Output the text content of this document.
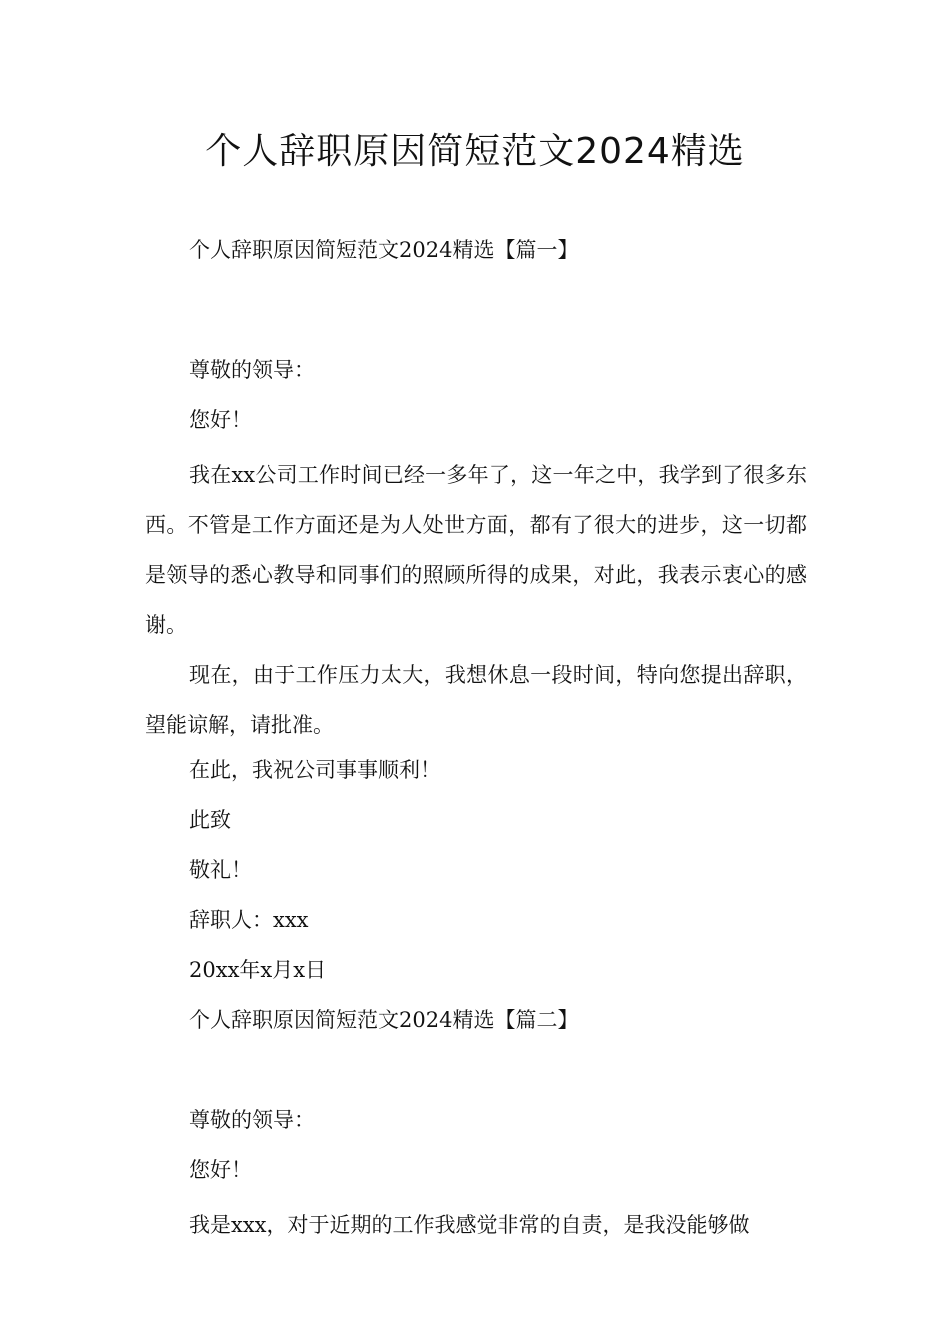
个人辞职原因简短范文2024精选
个人辞职原因简短范文2024精选【篇一】
尊敬的领导：
您好！

我在xx公司工作时间已经一多年了，这一年之中，我学到了很多东西。不管是工作方面还是为人处世方面，都有了很大的进步，这一切都是领导的悉心教导和同事们的照顾所得的成果，对此，我表示衷心的感谢。

现在，由于工作压力太大，我想休息一段时间，特向您提出辞职，望能谅解，请批准。

在此，我祝公司事事顺利！
此致
敬礼！
辞职人：xxx
20xx年x月x日
个人辞职原因简短范文2024精选【篇二】
尊敬的领导：
您好！

我是xxx，对于近期的工作我感觉非常的自责，是我没能够做
